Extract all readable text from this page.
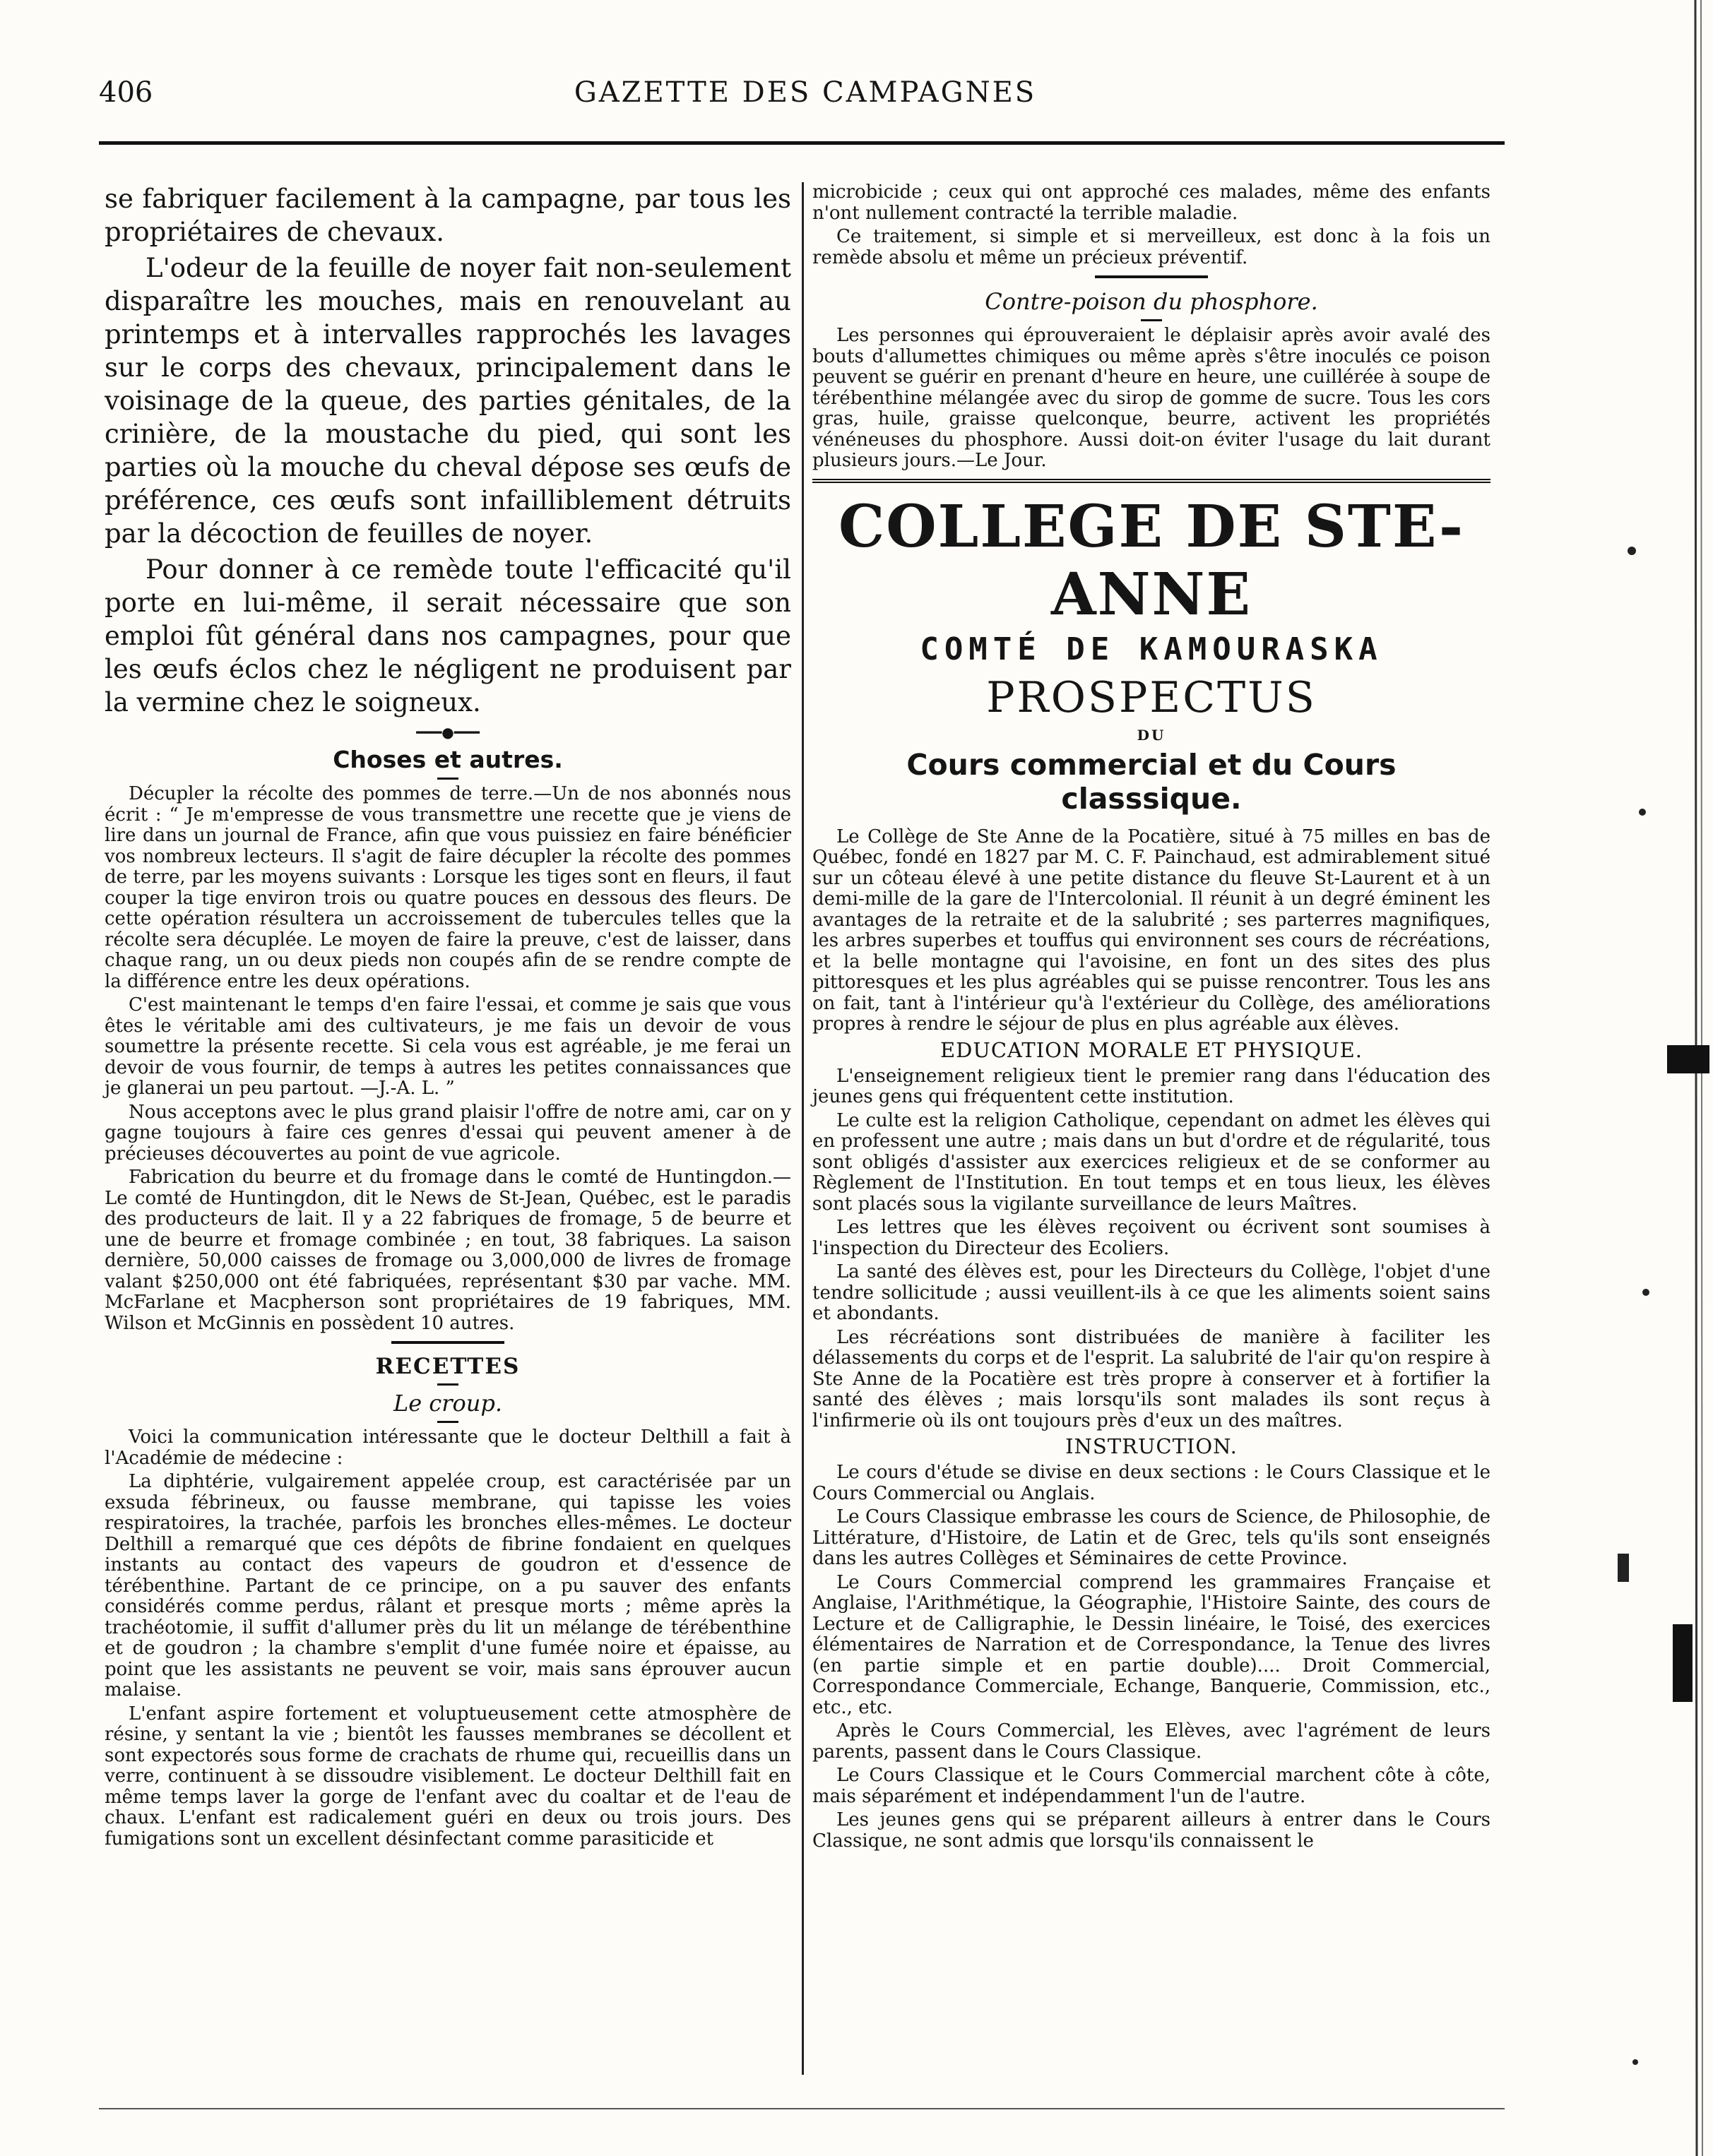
406	GAZETTE DES CAMPAGNES

se fabriquer facilement à la campagne, par tous les propriétaires de chevaux.

L'odeur de la feuille de noyer fait non-seulement disparaître les mouches, mais en renouvelant au printemps et à intervalles rapprochés les lavages sur le corps des chevaux, principalement dans le voisinage de la queue, des parties génitales, de la crinière, de la moustache du pied, qui sont les parties où la mouche du cheval dépose ses œufs de préférence, ces œufs sont infailliblement détruits par la décoction de feuilles de noyer.

Pour donner à ce remède toute l'efficacité qu'il porte en lui-même, il serait nécessaire que son emploi fût général dans nos campagnes, pour que les œufs éclos chez le négligent ne produisent par la vermine chez le soigneux.

━━━●━━━
Choses et autres.

Décupler la récolte des pommes de terre.—Un de nos abonnés nous écrit : “ Je m'empresse de vous transmettre une recette que je viens de lire dans un journal de France, afin que vous puissiez en faire bénéficier vos nombreux lecteurs. Il s'agit de faire décupler la récolte des pommes de terre, par les moyens suivants : Lorsque les tiges sont en fleurs, il faut couper la tige environ trois ou quatre pouces en dessous des fleurs. De cette opération résultera un accroissement de tubercules telles que la récolte sera décuplée. Le moyen de faire la preuve, c'est de laisser, dans chaque rang, un ou deux pieds non coupés afin de se rendre compte de la différence entre les deux opérations.

C'est maintenant le temps d'en faire l'essai, et comme je sais que vous êtes le véritable ami des cultivateurs, je me fais un devoir de vous soumettre la présente recette. Si cela vous est agréable, je me ferai un devoir de vous fournir, de temps à autres les petites connaissances que je glanerai un peu partout. —J.-A. L. ”

Nous acceptons avec le plus grand plaisir l'offre de notre ami, car on y gagne toujours à faire ces genres d'essai qui peuvent amener à de précieuses découvertes au point de vue agricole.

Fabrication du beurre et du fromage dans le comté de Huntingdon.—Le comté de Huntingdon, dit le News de St-Jean, Québec, est le paradis des producteurs de lait. Il y a 22 fabriques de fromage, 5 de beurre et une de beurre et fromage combinée ; en tout, 38 fabriques. La saison dernière, 50,000 caisses de fromage ou 3,000,000 de livres de fromage valant $250,000 ont été fabriquées, représentant $30 par vache. MM. McFarlane et Macpherson sont propriétaires de 19 fabriques, MM. Wilson et McGinnis en possèdent 10 autres.

RECETTES
Le croup.

Voici la communication intéressante que le docteur Delthill a fait à l'Académie de médecine :

La diphtérie, vulgairement appelée croup, est caractérisée par un exsuda fébrineux, ou fausse membrane, qui tapisse les voies respiratoires, la trachée, parfois les bronches elles-mêmes. Le docteur Delthill a remarqué que ces dépôts de fibrine fondaient en quelques instants au contact des vapeurs de goudron et d'essence de térébenthine. Partant de ce principe, on a pu sauver des enfants considérés comme perdus, râlant et presque morts ; même après la trachéotomie, il suffit d'allumer près du lit un mélange de térébenthine et de goudron ; la chambre s'emplit d'une fumée noire et épaisse, au point que les assistants ne peuvent se voir, mais sans éprouver aucun malaise.

L'enfant aspire fortement et voluptueusement cette atmosphère de résine, y sentant la vie ; bientôt les fausses membranes se décollent et sont expectorés sous forme de crachats de rhume qui, recueillis dans un verre, continuent à se dissoudre visiblement. Le docteur Delthill fait en même temps laver la gorge de l'enfant avec du coaltar et de l'eau de chaux. L'enfant est radicalement guéri en deux ou trois jours. Des fumigations sont un excellent désinfectant comme parasiticide et

microbicide ; ceux qui ont approché ces malades, même des enfants n'ont nullement contracté la terrible maladie.

Ce traitement, si simple et si merveilleux, est donc à la fois un remède absolu et même un précieux préventif.

Contre-poison du phosphore.

Les personnes qui éprouveraient le déplaisir après avoir avalé des bouts d'allumettes chimiques ou même après s'être inoculés ce poison peuvent se guérir en prenant d'heure en heure, une cuillérée à soupe de térébenthine mélangée avec du sirop de gomme de sucre. Tous les cors gras, huile, graisse quelconque, beurre, activent les propriétés vénéneuses du phosphore. Aussi doit-on éviter l'usage du lait durant plusieurs jours.—Le Jour.

COLLEGE DE STE-ANNE
COMTÉ DE KAMOURASKA
PROSPECTUS
DU
Cours commercial et du Cours classsique.

Le Collège de Ste Anne de la Pocatière, situé à 75 milles en bas de Québec, fondé en 1827 par M. C. F. Painchaud, est admirablement situé sur un côteau élevé à une petite distance du fleuve St-Laurent et à un demi-mille de la gare de l'Intercolonial. Il réunit à un degré éminent les avantages de la retraite et de la salubrité ; ses parterres magnifiques, les arbres superbes et touffus qui environnent ses cours de récréations, et la belle montagne qui l'avoisine, en font un des sites des plus pittoresques et les plus agréables qui se puisse rencontrer. Tous les ans on fait, tant à l'intérieur qu'à l'extérieur du Collège, des améliorations propres à rendre le séjour de plus en plus agréable aux élèves.

EDUCATION MORALE ET PHYSIQUE.

L'enseignement religieux tient le premier rang dans l'éducation des jeunes gens qui fréquentent cette institution.

Le culte est la religion Catholique, cependant on admet les élèves qui en professent une autre ; mais dans un but d'ordre et de régularité, tous sont obligés d'assister aux exercices religieux et de se conformer au Règlement de l'Institution. En tout temps et en tous lieux, les élèves sont placés sous la vigilante surveillance de leurs Maîtres.

Les lettres que les élèves reçoivent ou écrivent sont soumises à l'inspection du Directeur des Ecoliers.

La santé des élèves est, pour les Directeurs du Collège, l'objet d'une tendre sollicitude ; aussi veuillent-ils à ce que les aliments soient sains et abondants.

Les récréations sont distribuées de manière à faciliter les délassements du corps et de l'esprit. La salubrité de l'air qu'on respire à Ste Anne de la Pocatière est très propre à conserver et à fortifier la santé des élèves ; mais lorsqu'ils sont malades ils sont reçus à l'infirmerie où ils ont toujours près d'eux un des maîtres.

INSTRUCTION.

Le cours d'étude se divise en deux sections : le Cours Classique et le Cours Commercial ou Anglais.

Le Cours Classique embrasse les cours de Science, de Philosophie, de Littérature, d'Histoire, de Latin et de Grec, tels qu'ils sont enseignés dans les autres Collèges et Séminaires de cette Province.

Le Cours Commercial comprend les grammaires Française et Anglaise, l'Arithmétique, la Géographie, l'Histoire Sainte, des cours de Lecture et de Calligraphie, le Dessin linéaire, le Toisé, des exercices élémentaires de Narration et de Correspondance, la Tenue des livres (en partie simple et en partie double).... Droit Commercial, Correspondance Commerciale, Echange, Banquerie, Commission, etc., etc., etc.

Après le Cours Commercial, les Elèves, avec l'agrément de leurs parents, passent dans le Cours Classique.

Le Cours Classique et le Cours Commercial marchent côte à côte, mais séparément et indépendamment l'un de l'autre.

Les jeunes gens qui se préparent ailleurs à entrer dans le Cours Classique, ne sont admis que lorsqu'ils connaissent le
